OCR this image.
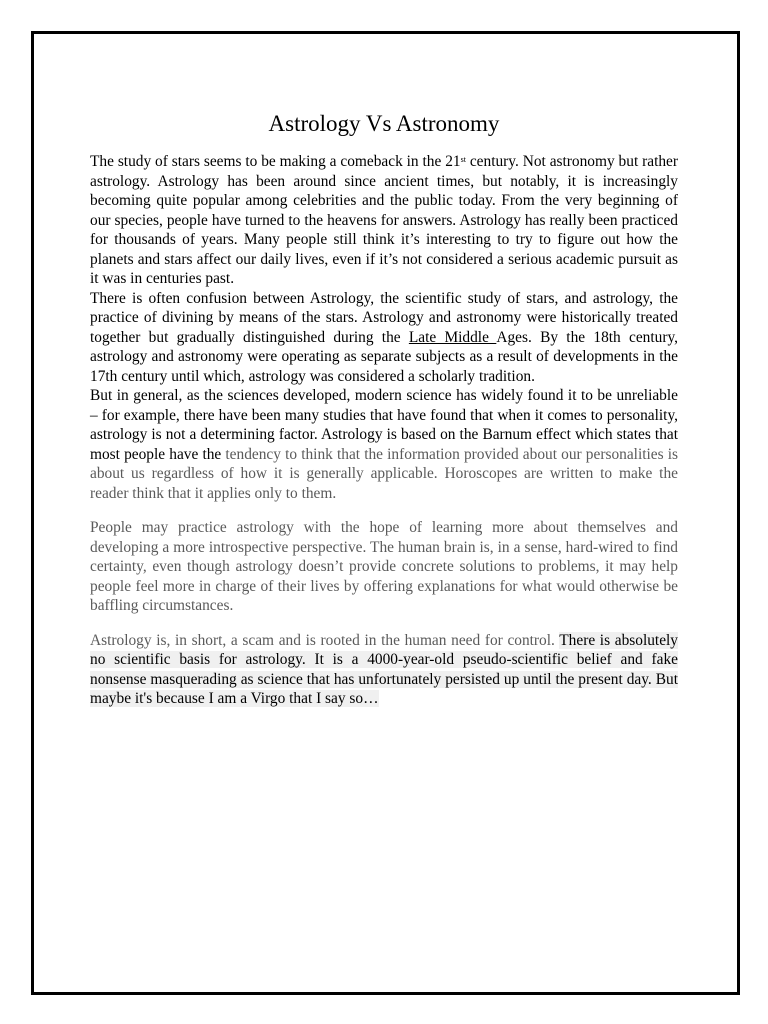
Astrology Vs Astronomy

The study of stars seems to be making a comeback in the 21st century. Not astronomy but rather astrology. Astrology has been around since ancient times, but notably, it is increasingly becoming quite popular among celebrities and the public today. From the very beginning of our species, people have turned to the heavens for answers. Astrology has really been practiced for thousands of years. Many people still think it’s interesting to try to figure out how the planets and stars affect our daily lives, even if it’s not considered a serious academic pursuit as it was in centuries past.

There is often confusion between Astrology, the scientific study of stars, and astrology, the practice of divining by means of the stars. Astrology and astronomy were historically treated together but gradually distinguished during the Late Middle Ages. By the 18th century, astrology and astronomy were operating as separate subjects as a result of developments in the 17th century until which, astrology was considered a scholarly tradition.

But in general, as the sciences developed, modern science has widely found it to be unreliable – for example, there have been many studies that have found that when it comes to personality, astrology is not a determining factor. Astrology is based on the Barnum effect which states that most people have the tendency to think that the information provided about our personalities is about us regardless of how it is generally applicable. Horoscopes are written to make the reader think that it applies only to them.

People may practice astrology with the hope of learning more about themselves and developing a more introspective perspective. The human brain is, in a sense, hard-wired to find certainty, even though astrology doesn’t provide concrete solutions to problems, it may help people feel more in charge of their lives by offering explanations for what would otherwise be baffling circumstances.

Astrology is, in short, a scam and is rooted in the human need for control. There is absolutely no scientific basis for astrology. It is a 4000-year-old pseudo-scientific belief and fake nonsense masquerading as science that has unfortunately persisted up until the present day. But maybe it's because I am a Virgo that I say so…
